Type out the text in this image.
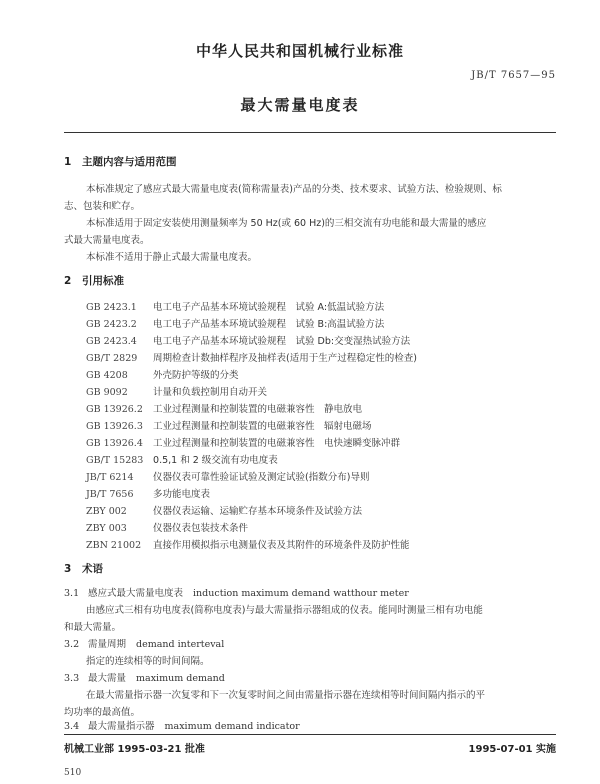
中华人民共和国机械行业标准
JB/T 7657—95
最大需量电度表
1 主题内容与适用范围
本标准规定了感应式最大需量电度表(简称需量表)产品的分类、技术要求、试验方法、检验规则、标
志、包装和贮存。
本标准适用于固定安装使用测量频率为 50 Hz(或 60 Hz)的三相交流有功电能和最大需量的感应
式最大需量电度表。
本标准不适用于静止式最大需量电度表。
2 引用标准
GB 2423.1 电工电子产品基本环境试验规程　试验 A:低温试验方法
GB 2423.2 电工电子产品基本环境试验规程　试验 B:高温试验方法
GB 2423.4 电工电子产品基本环境试验规程　试验 Db:交变湿热试验方法
GB/T 2829 周期检查计数抽样程序及抽样表(适用于生产过程稳定性的检查)
GB 4208	外壳防护等级的分类
GB 9092	计量和负载控制用自动开关
GB 13926.2 工业过程测量和控制装置的电磁兼容性　静电放电
GB 13926.3 工业过程测量和控制装置的电磁兼容性　辐射电磁场
GB 13926.4 工业过程测量和控制装置的电磁兼容性　电快速瞬变脉冲群
GB/T 15283 0.5,1 和 2 级交流有功电度表
JB/T 6214 仪器仪表可靠性验证试验及测定试验(指数分布)导则
JB/T 7656 多功能电度表
ZBY 002	仪器仪表运输、运输贮存基本环境条件及试验方法
ZBY 003	仪器仪表包装技术条件
ZBN 21002 直接作用模拟指示电测量仪表及其附件的环境条件及防护性能
3 术语
3.1 感应式最大需量电度表 induction maximum demand watthour meter
由感应式三相有功电度表(简称电度表)与最大需量指示器组成的仪表。能同时测量三相有功电能
和最大需量。
3.2 需量周期 demand interteval
指定的连续相等的时间间隔。
3.3 最大需量 maximum demand
在最大需量指示器一次复零和下一次复零时间之间由需量指示器在连续相等时间间隔内指示的平
均功率的最高值。
3.4 最大需量指示器 maximum demand indicator
机械工业部 1995-03-21 批准	1995-07-01 实施
510
